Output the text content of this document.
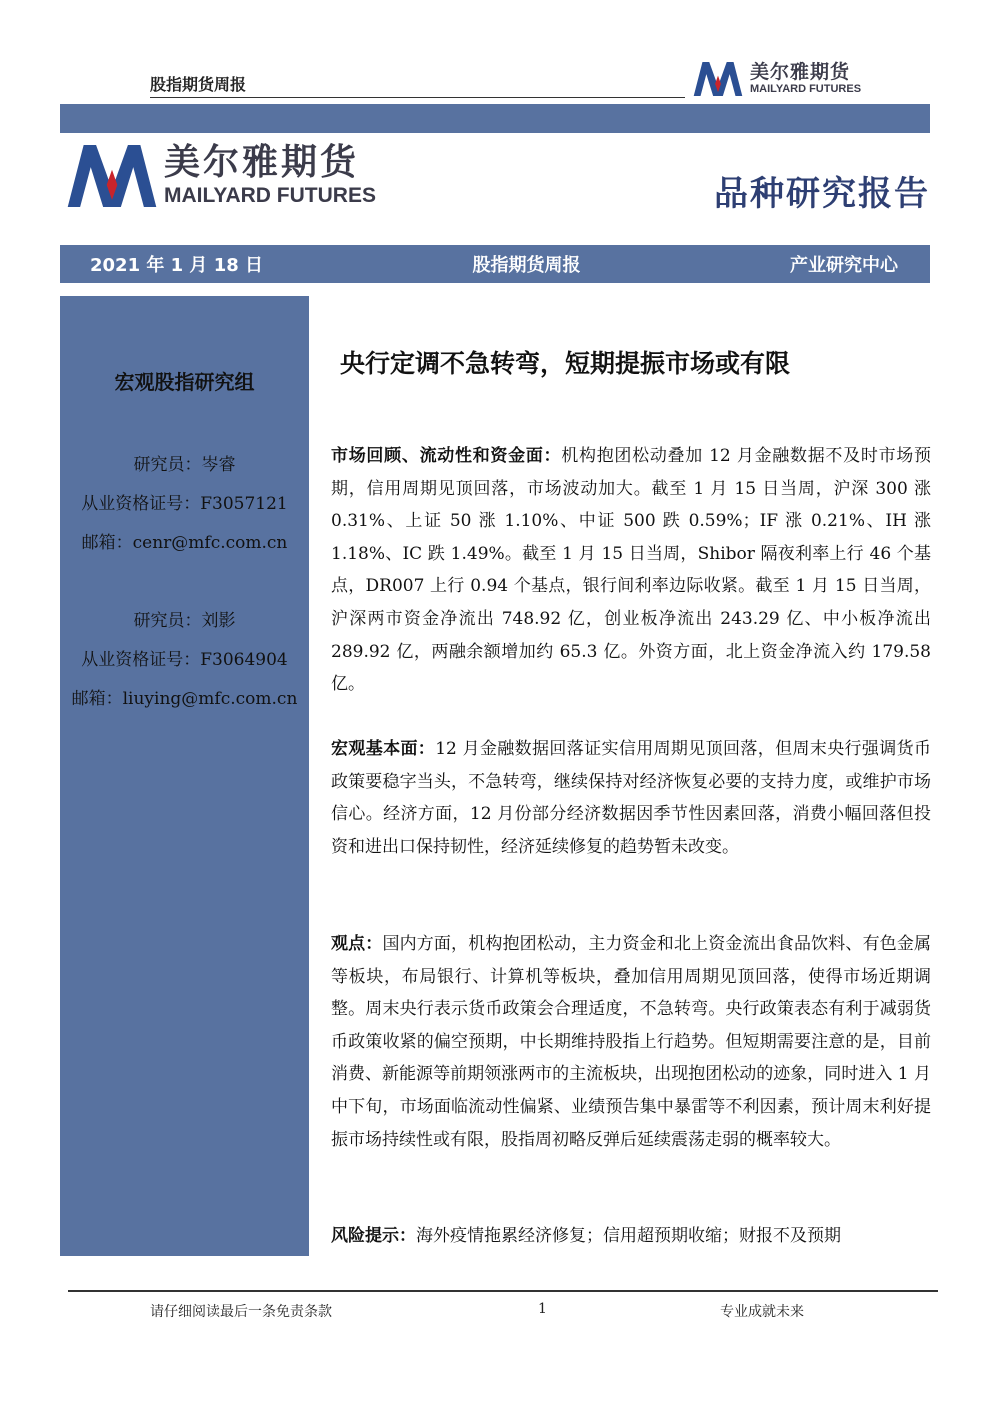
股指期货周报
美尔雅期货
MAILYARD FUTURES
美尔雅期货
MAILYARD FUTURES	品种研究报告
2021 年 1 月 18 日	股指期货周报	产业研究中心
宏观股指研究组
研究员：岑睿
从业资格证号：F3057121
邮箱：cenr@mfc.com.cn
研究员：刘影
从业资格证号：F3064904
邮箱：liuying@mfc.com.cn
央行定调不急转弯，短期提振市场或有限

市场回顾、流动性和资金面：机构抱团松动叠加 12 月金融数据不及时市场预期，信用周期见顶回落，市场波动加大。截至 1 月 15 日当周，沪深 300 涨 0.31%、上证 50 涨 1.10%、中证 500 跌 0.59%；IF 涨 0.21%、IH 涨 1.18%、IC 跌 1.49%。截至 1 月 15 日当周，Shibor 隔夜利率上行 46 个基点，DR007 上行 0.94 个基点，银行间利率边际收紧。截至 1 月 15 日当周，沪深两市资金净流出 748.92 亿，创业板净流出 243.29 亿、中小板净流出 289.92 亿，两融余额增加约 65.3 亿。外资方面，北上资金净流入约 179.58 亿。

宏观基本面：12 月金融数据回落证实信用周期见顶回落，但周末央行强调货币政策要稳字当头，不急转弯，继续保持对经济恢复必要的支持力度，或维护市场信心。经济方面，12 月份部分经济数据因季节性因素回落，消费小幅回落但投资和进出口保持韧性，经济延续修复的趋势暂未改变。

观点：国内方面，机构抱团松动，主力资金和北上资金流出食品饮料、有色金属等板块，布局银行、计算机等板块，叠加信用周期见顶回落，使得市场近期调整。周末央行表示货币政策会合理适度，不急转弯。央行政策表态有利于减弱货币政策收紧的偏空预期，中长期维持股指上行趋势。但短期需要注意的是，目前消费、新能源等前期领涨两市的主流板块，出现抱团松动的迹象，同时进入 1 月中下旬，市场面临流动性偏紧、业绩预告集中暴雷等不利因素，预计周末利好提振市场持续性或有限，股指周初略反弹后延续震荡走弱的概率较大。

风险提示：海外疫情拖累经济修复；信用超预期收缩；财报不及预期

请仔细阅读最后一条免责条款	1	专业成就未来
